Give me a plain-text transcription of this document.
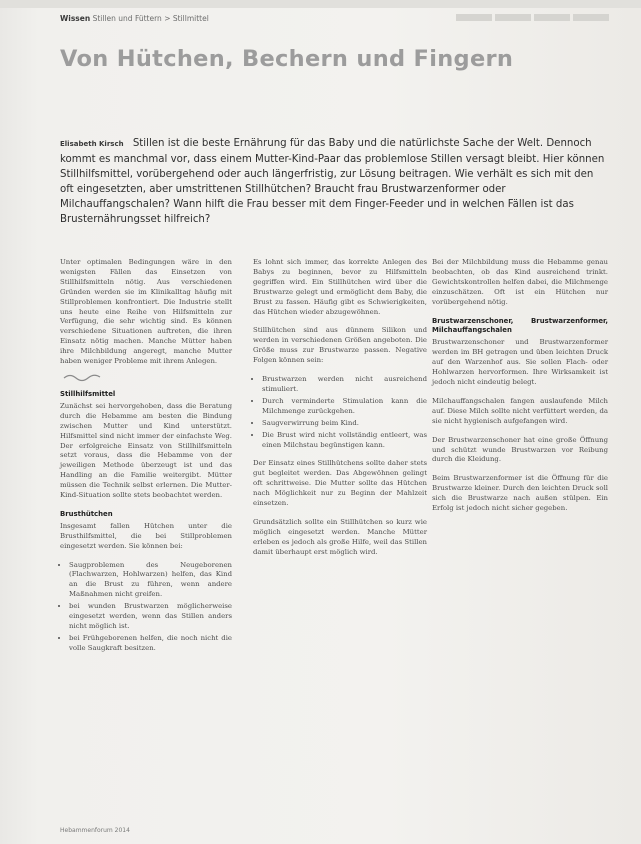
Wissen Stillen und Füttern > Stillmittel
Von Hütchen, Bechern und Fingern
Elisabeth Kirsch Stillen ist die beste Ernährung für das Baby und die natürlichste Sache der Welt. Dennoch kommt es manchmal vor, dass einem Mutter-Kind-Paar das problemlose Stillen versagt bleibt. Hier können Stillhilfsmittel, vorübergehend oder auch längerfristig, zur Lösung beitragen. Wie verhält es sich mit den oft eingesetzten, aber umstrittenen Stillhütchen? Braucht frau Brustwarzenformer oder Milchauffangschalen? Wann hilft die Frau besser mit dem Finger-Feeder und in welchen Fällen ist das Brusternährungsset hilfreich?

Unter optimalen Bedingungen wäre in den wenigsten Fällen das Einsetzen von Stillhilfsmitteln nötig. Aus verschiedenen Gründen werden sie im Klinikalltag häufig mit Stillproblemen konfrontiert. Die Industrie stellt uns heute eine Reihe von Hilfsmitteln zur Verfügung, die sehr wichtig sind. Es können verschiedene Situationen auftreten, die ihren Einsatz nötig machen. Manche Mütter haben ihre Milchbildung angeregt, manche Mutter haben weniger Probleme mit ihrem Anlegen.

Stillhilfsmittel

Zunächst sei hervorgehoben, dass die Beratung durch die Hebamme am besten die Bindung zwischen Mutter und Kind unterstützt. Hilfsmittel sind nicht immer der einfachste Weg. Der erfolgreiche Einsatz von Stillhilfsmitteln setzt voraus, dass die Hebamme von der jeweiligen Methode überzeugt ist und das Handling an die Familie weitergibt. Mütter müssen die Technik selbst erlernen. Die Mutter-Kind-Situation sollte stets beobachtet werden.

Brusthütchen

Insgesamt fallen Hütchen unter die Brusthilfsmittel, die bei Stillproblemen eingesetzt werden. Sie können bei:

• Saugproblemen des Neugeborenen (Flachwarzen, Hohlwarzen) helfen, das Kind an die Brust zu führen, wenn andere Maßnahmen nicht greifen.
• bei wunden Brustwarzen möglicherweise eingesetzt werden, wenn das Stillen anders nicht möglich ist.
• bei Frühgeborenen helfen, die noch nicht die volle Saugkraft besitzen.

Es lohnt sich immer, das korrekte Anlegen des Babys zu beginnen, bevor zu Hilfsmitteln gegriffen wird. Ein Stillhütchen wird über die Brustwarze gelegt und ermöglicht dem Baby, die Brust zu fassen. Häufig gibt es Schwierigkeiten, das Hütchen wieder abzugewöhnen.

Stillhütchen sind aus dünnem Silikon und werden in verschiedenen Größen angeboten. Die Größe muss zur Brustwarze passen. Negative Folgen können sein:

• Brustwarzen werden nicht ausreichend stimuliert.
• Durch verminderte Stimulation kann die Milchmenge zurückgehen.
• Saugverwirrung beim Kind.
• Die Brust wird nicht vollständig entleert, was einen Milchstau begünstigen kann.

Der Einsatz eines Stillhütchens sollte daher stets gut begleitet werden. Das Abgewöhnen gelingt oft schrittweise. Die Mutter sollte das Hütchen nach Möglichkeit nur zu Beginn der Mahlzeit einsetzen.

Grundsätzlich sollte ein Stillhütchen so kurz wie möglich eingesetzt werden. Manche Mütter erleben es jedoch als große Hilfe, weil das Stillen damit überhaupt erst möglich wird.

Bei der Milchbildung muss die Hebamme genau beobachten, ob das Kind ausreichend trinkt. Gewichtskontrollen helfen dabei, die Milchmenge einzuschätzen. Oft ist ein Hütchen nur vorübergehend nötig.

Brustwarzenschoner, Brustwarzenformer, Milchauffangschalen

Brustwarzenschoner und Brustwarzenformer werden im BH getragen und üben leichten Druck auf den Warzenhof aus. Sie sollen Flach- oder Hohlwarzen hervorformen. Ihre Wirksamkeit ist jedoch nicht eindeutig belegt.

Milchauffangschalen fangen auslaufende Milch auf. Diese Milch sollte nicht verfüttert werden, da sie nicht hygienisch aufgefangen wird.

Der Brustwarzenschoner hat eine große Öffnung und schützt wunde Brustwarzen vor Reibung durch die Kleidung.

Beim Brustwarzenformer ist die Öffnung für die Brustwarze kleiner. Durch den leichten Druck soll sich die Brustwarze nach außen stülpen. Ein Erfolg ist jedoch nicht sicher gegeben.

Hebammenforum 2014
